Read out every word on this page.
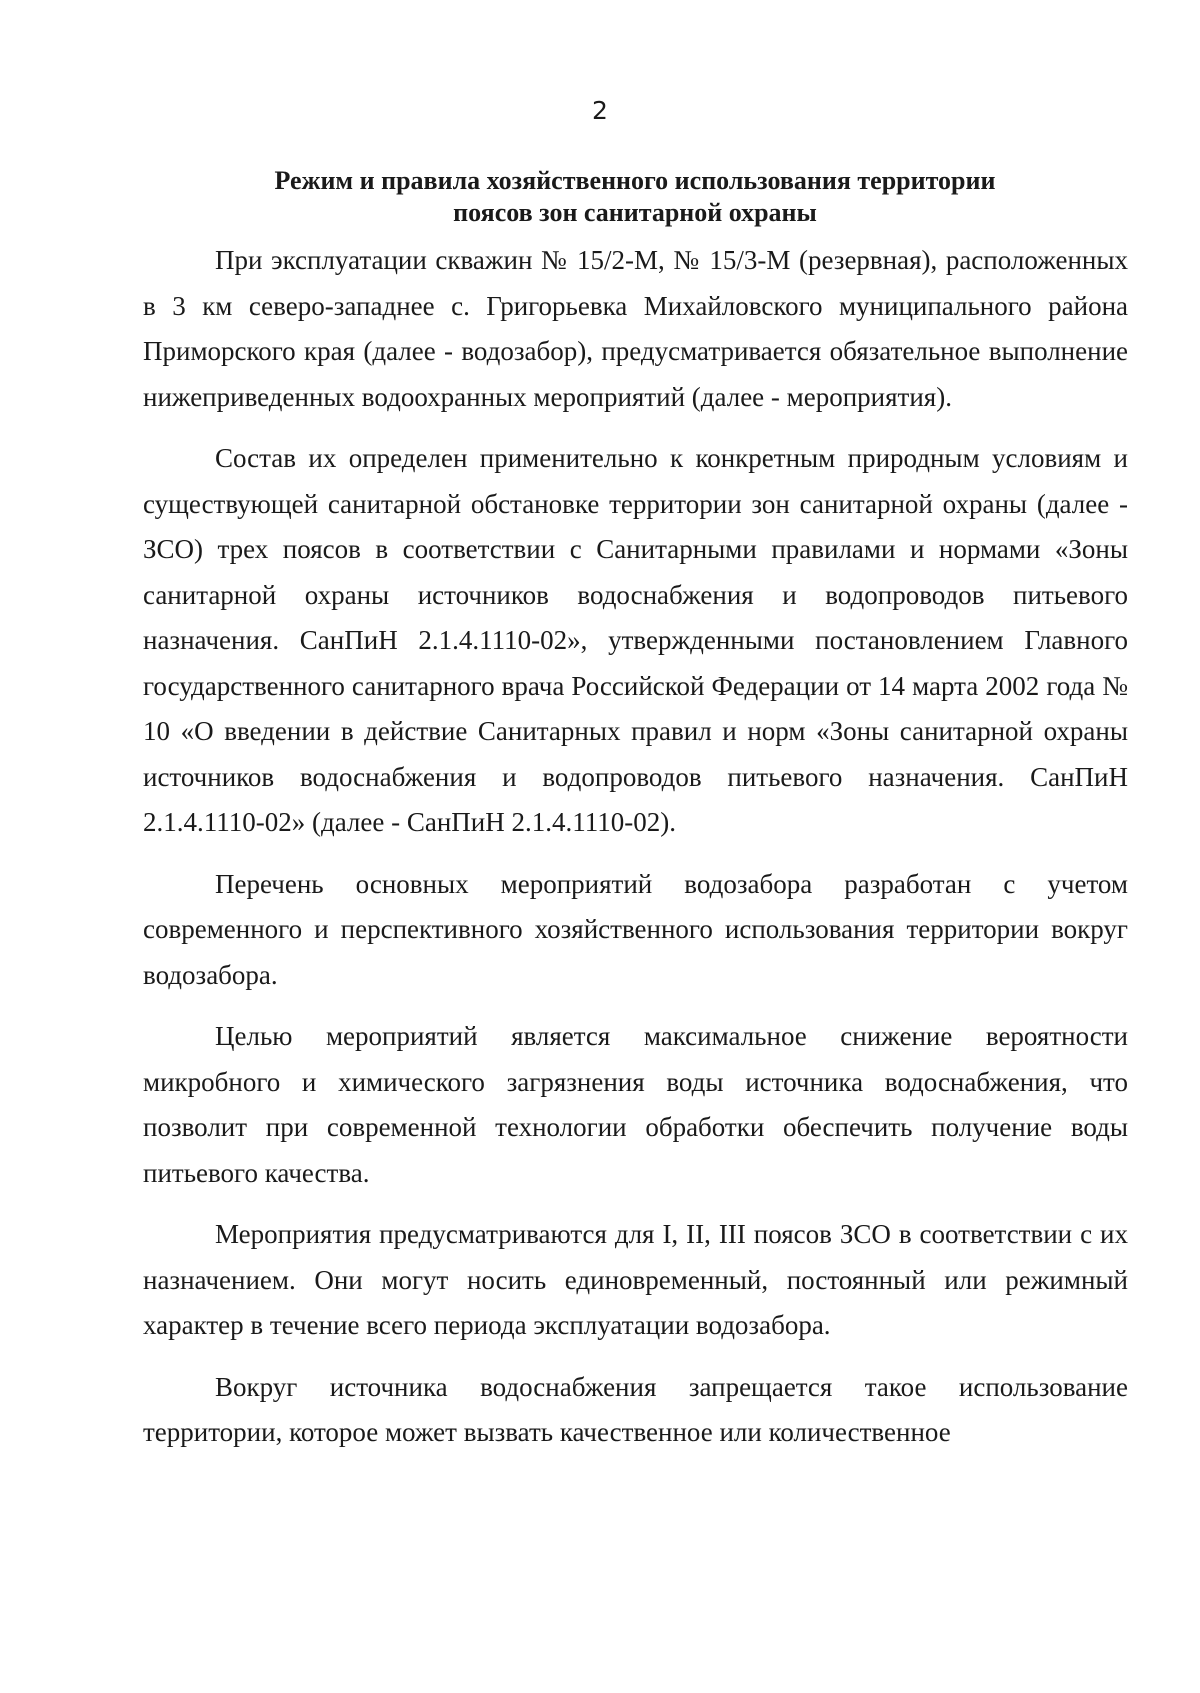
2
Режим и правила хозяйственного использования территории
поясов зон санитарной охраны

При эксплуатации скважин № 15/2-М, № 15/3-М (резервная), расположенных в 3 км северо-западнее с. Григорьевка Михайловского муниципального района Приморского края (далее - водозабор), предусматривается обязательное выполнение нижеприведенных водоохранных мероприятий (далее - мероприятия).

Состав их определен применительно к конкретным природным условиям и существующей санитарной обстановке территории зон санитарной охраны (далее - ЗСО) трех поясов в соответствии с Санитарными правилами и нормами «Зоны санитарной охраны источников водоснабжения и водопроводов питьевого назначения. СанПиН 2.1.4.1110-02», утвержденными постановлением Главного государственного санитарного врача Российской Федерации от 14 марта 2002 года № 10 «О введении в действие Санитарных правил и норм «Зоны санитарной охраны источников водоснабжения и водопроводов питьевого назначения. СанПиН 2.1.4.1110-02» (далее - СанПиН 2.1.4.1110-02).

Перечень основных мероприятий водозабора разработан с учетом современного и перспективного хозяйственного использования территории вокруг водозабора.

Целью мероприятий является максимальное снижение вероятности микробного и химического загрязнения воды источника водоснабжения, что позволит при современной технологии обработки обеспечить получение воды питьевого качества.

Мероприятия предусматриваются для I, II, III поясов ЗСО в соответствии с их назначением. Они могут носить единовременный, постоянный или режимный характер в течение всего периода эксплуатации водозабора.

Вокруг источника водоснабжения запрещается такое использование территории, которое может вызвать качественное или количественное
